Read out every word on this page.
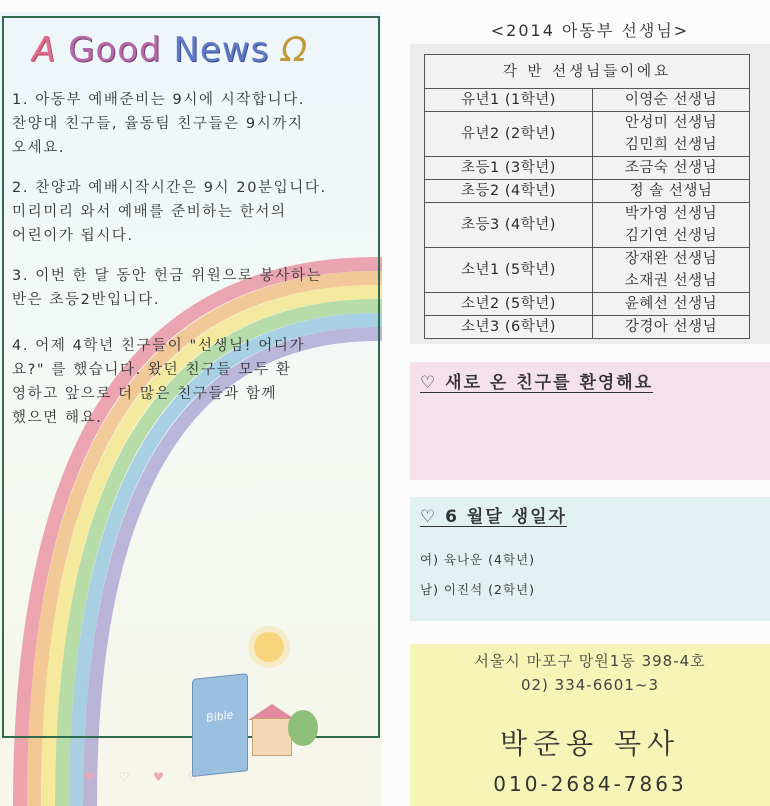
A Good News Ω
1. 아동부 예배준비는 9시에 시작합니다.
찬양대 친구들, 율동팀 친구들은 9시까지
오세요.
2. 찬양과 예배시작시간은 9시 20분입니다.
미리미리 와서 예배를 준비하는 한서의
어린이가 됩시다.
3. 이번 한 달 동안 헌금 위원으로 봉사하는
반은 초등2반입니다.
4. 어제 4학년 친구들이 "선생님! 어디가
요?" 를 했습니다. 왔던 친구들 모두 환
영하고 앞으로 더 많은 친구들과 함께
했으면 해요.
Bible
♥ ♡ ♥ ♡
<2014 아동부 선생님>
각 반 선생님들이에요	
유년1 (1학년)	이영순 선생님

유년2 (2학년)	안성미 선생님
김민희 선생님

초등1 (3학년)	조금숙 선생님

초등2 (4학년)	정 솔 선생님

초등3 (4학년)	박가영 선생님
김기연 선생님

소년1 (5학년)	장재완 선생님
소재권 선생님

소년2 (5학년)	윤혜선 선생님

소년3 (6학년)	강경아 선생님
♡ 새로 온 친구를 환영해요
♡ 6 월달 생일자
여) 육나운 (4학년)
남) 이진석 (2학년)
서울시 마포구 망원1동 398-4호
02) 334-6601~3
박준용 목사
010-2684-7863
